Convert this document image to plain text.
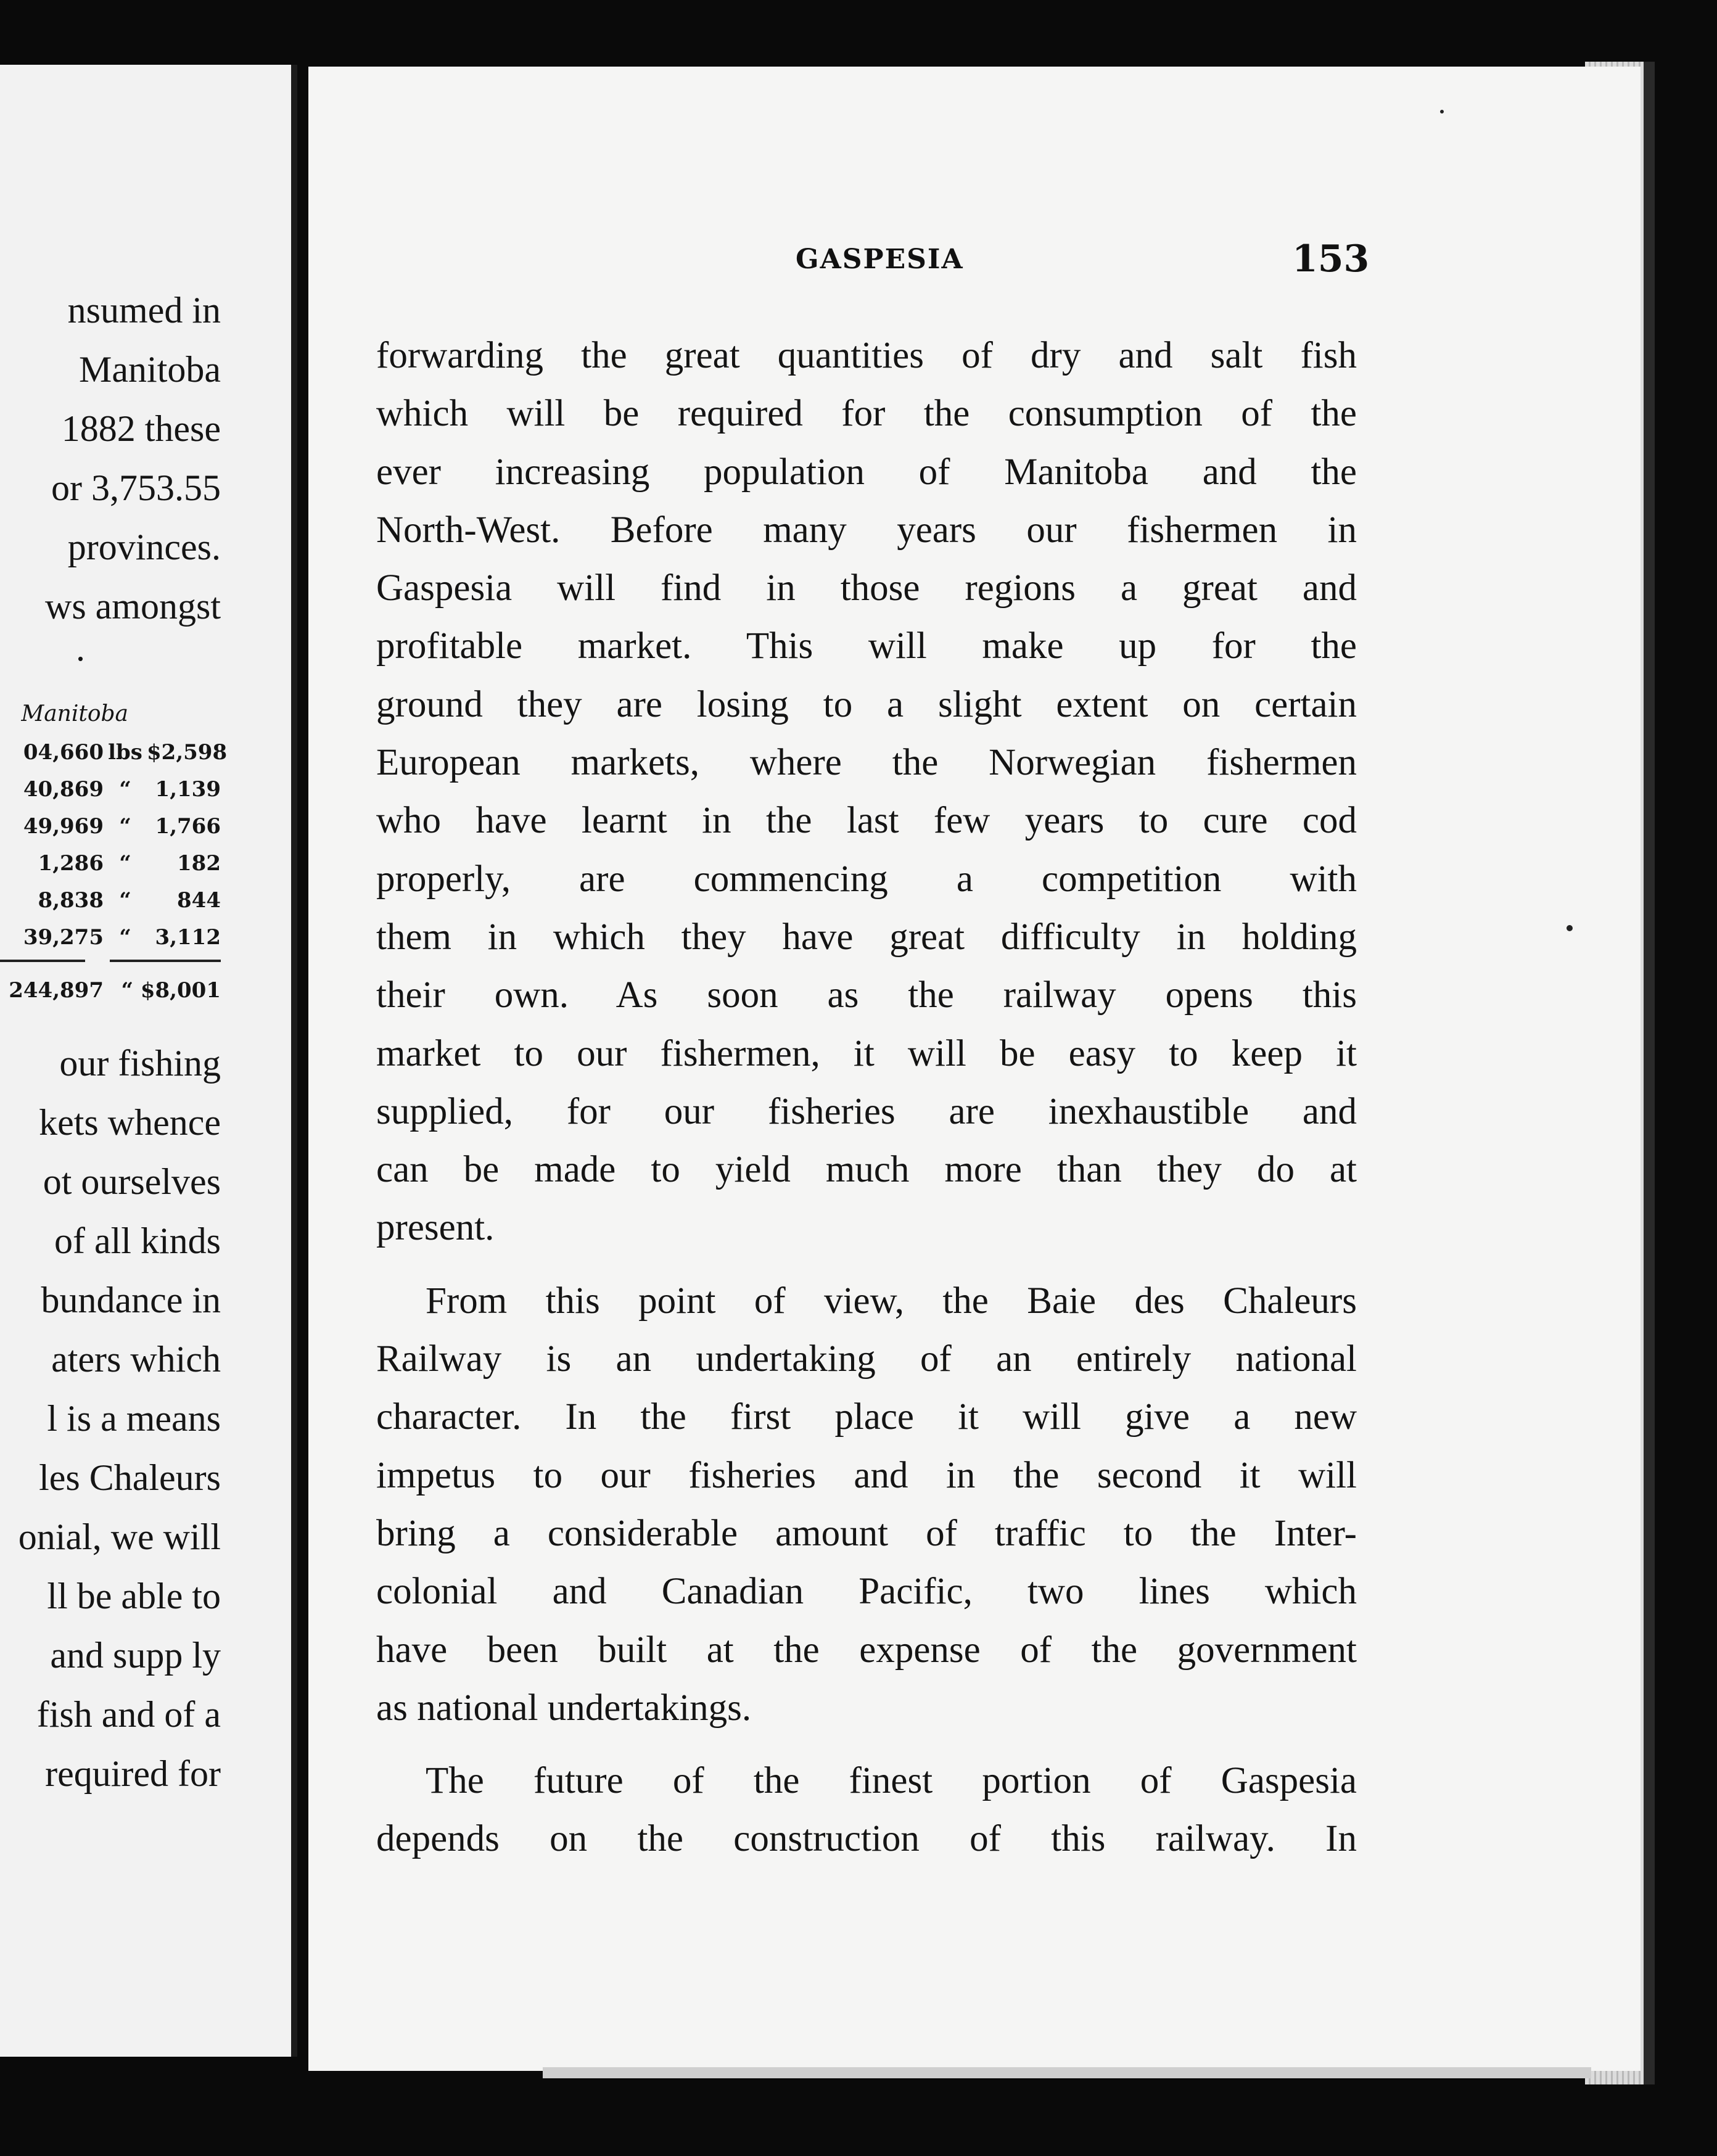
nsumed in
Manitoba
1882 these
or 3,753.55
provinces.
ws amongst
.
Manitoba
04,660 lbs $2,598
40,869 “	1,139
49,969 “	1,766
1,286 “	182
8,838 “	844
39,275 “	3,112
244,897 “ $8,001
our fishing
kets whence
ot ourselves
of all kinds
bundance in
aters which
l is a means
les Chaleurs
onial, we will
ll be able to
and supp ly
fish and of a
required for
GASPESIA	153
forwarding the great quantities of dry and salt fish
which will be required for the consumption of the
ever increasing population of Manitoba and the
North-West. Before many years our fishermen in
Gaspesia will find in those regions a great and
profitable market. This will make up for the
ground they are losing to a slight extent on certain
European markets, where the Norwegian fishermen
who have learnt in the last few years to cure cod
properly, are commencing a competition with
them in which they have great difficulty in holding
their own. As soon as the railway opens this
market to our fishermen, it will be easy to keep it
supplied, for our fisheries are inexhaustible and
can be made to yield much more than they do at
present.
From this point of view, the Baie des Chaleurs
Railway is an undertaking of an entirely national
character. In the first place it will give a new
impetus to our fisheries and in the second it will
bring a considerable amount of traffic to the Inter-
colonial and Canadian Pacific, two lines which
have been built at the expense of the government
as national undertakings.
The future of the finest portion of Gaspesia
depends on the construction of this railway. In
